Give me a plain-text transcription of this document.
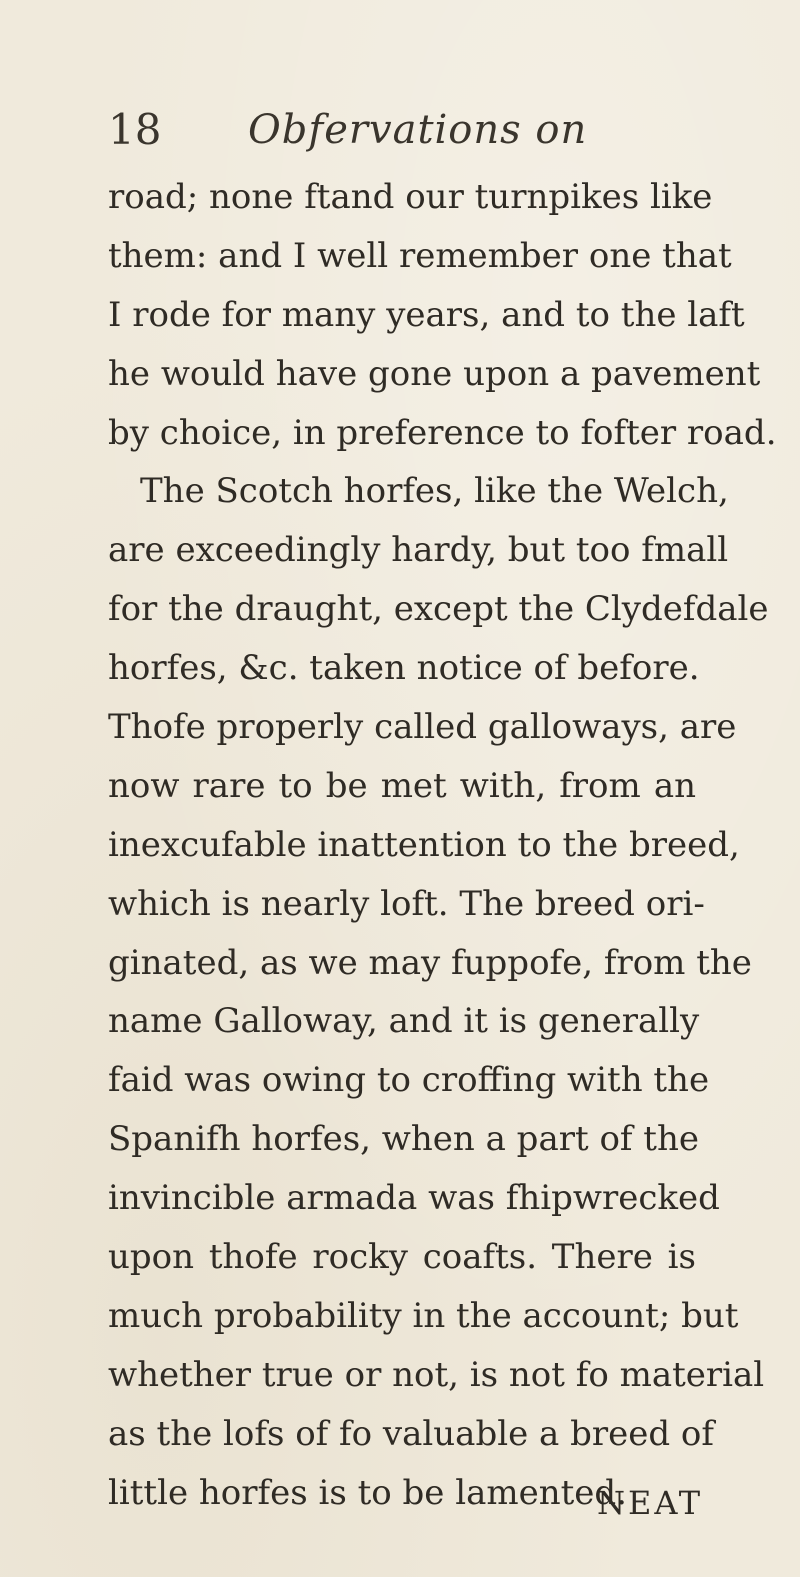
18 Obfervations on
road; none ftand our turnpikes like
them: and I well remember one that
I rode for many years, and to the laft
he would have gone upon a pavement
by choice, in preference to fofter road.
The Scotch horfes, like the Welch,
are exceedingly hardy, but too fmall
for the draught, except the Clydefdale
horfes, &c. taken notice of before.
Thofe properly called galloways, are
now rare to be met with, from an
inexcufable inattention to the breed,
which is nearly loft. The breed ori-
ginated, as we may fuppofe, from the
name Galloway, and it is generally
faid was owing to croffing with the
Spanifh horfes, when a part of the
invincible armada was fhipwrecked
upon thofe rocky coafts. There is
much probability in the account; but
whether true or not, is not fo material
as the lofs of fo valuable a breed of
little horfes is to be lamented.
NEAT
